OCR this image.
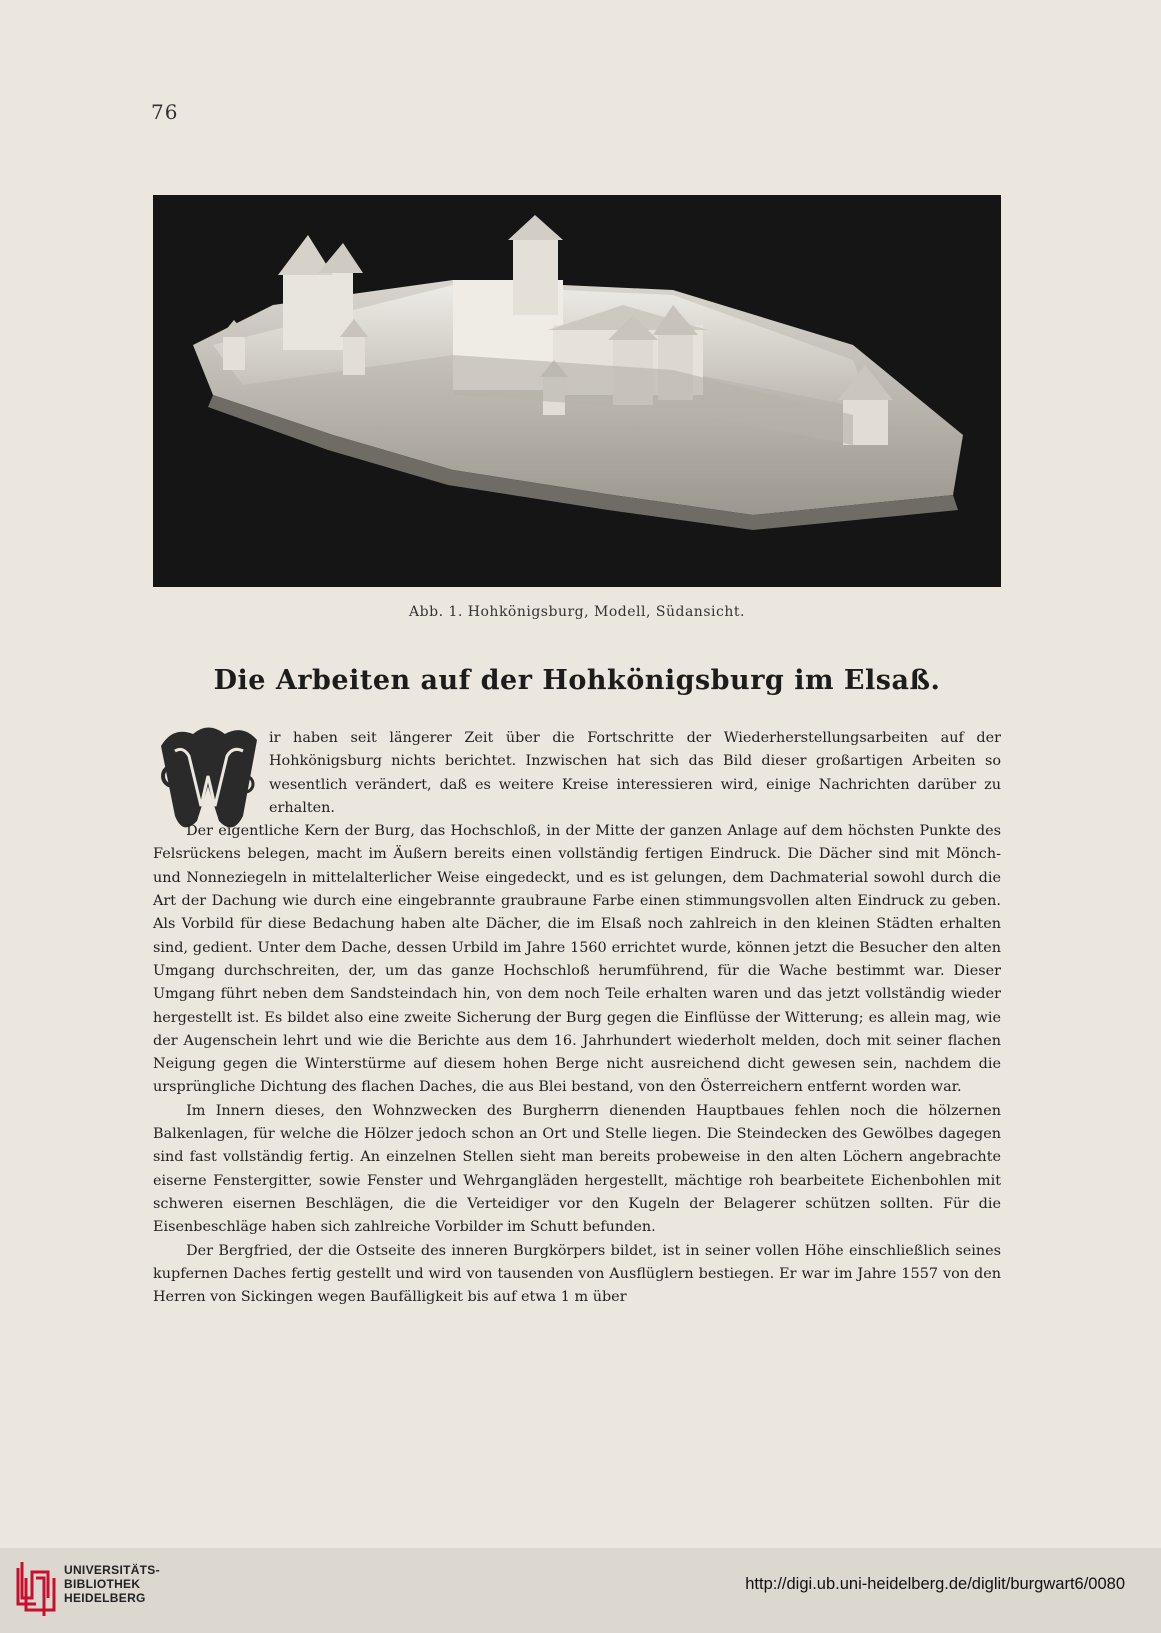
76
Abb. 1. Hohkönigsburg, Modell, Südansicht.
Die Arbeiten auf der Hohkönigsburg im Elsaß.

ir haben seit längerer Zeit über die Fortschritte der Wiederherstellungsarbeiten auf der Hohkönigsburg nichts berichtet. Inzwischen hat sich das Bild dieser großartigen Arbeiten so wesentlich verändert, daß es weitere Kreise interessieren wird, einige Nachrichten darüber zu erhalten.

Der eigentliche Kern der Burg, das Hochschloß, in der Mitte der ganzen Anlage auf dem höchsten Punkte des Felsrückens belegen, macht im Äußern bereits einen vollständig fertigen Eindruck. Die Dächer sind mit Mönch- und Nonneziegeln in mittelalterlicher Weise eingedeckt, und es ist gelungen, dem Dachmaterial sowohl durch die Art der Dachung wie durch eine eingebrannte graubraune Farbe einen stimmungsvollen alten Eindruck zu geben. Als Vorbild für diese Bedachung haben alte Dächer, die im Elsaß noch zahlreich in den kleinen Städten erhalten sind, gedient. Unter dem Dache, dessen Urbild im Jahre 1560 errichtet wurde, können jetzt die Besucher den alten Umgang durchschreiten, der, um das ganze Hochschloß herumführend, für die Wache bestimmt war. Dieser Umgang führt neben dem Sandsteindach hin, von dem noch Teile erhalten waren und das jetzt vollständig wieder hergestellt ist. Es bildet also eine zweite Sicherung der Burg gegen die Einflüsse der Witterung; es allein mag, wie der Augenschein lehrt und wie die Berichte aus dem 16. Jahrhundert wiederholt melden, doch mit seiner flachen Neigung gegen die Winterstürme auf diesem hohen Berge nicht ausreichend dicht gewesen sein, nachdem die ursprüngliche Dichtung des flachen Daches, die aus Blei bestand, von den Österreichern entfernt worden war.

Im Innern dieses, den Wohnzwecken des Burgherrn dienenden Hauptbaues fehlen noch die hölzernen Balkenlagen, für welche die Hölzer jedoch schon an Ort und Stelle liegen. Die Steindecken des Gewölbes dagegen sind fast vollständig fertig. An einzelnen Stellen sieht man bereits probeweise in den alten Löchern angebrachte eiserne Fenstergitter, sowie Fenster und Wehrgangläden hergestellt, mächtige roh bearbeitete Eichenbohlen mit schweren eisernen Beschlägen, die die Verteidiger vor den Kugeln der Belagerer schützen sollten. Für die Eisenbeschläge haben sich zahlreiche Vorbilder im Schutt befunden.

Der Bergfried, der die Ostseite des inneren Burgkörpers bildet, ist in seiner vollen Höhe einschließlich seines kupfernen Daches fertig gestellt und wird von tausenden von Ausflüglern bestiegen. Er war im Jahre 1557 von den Herren von Sickingen wegen Baufälligkeit bis auf etwa 1 m über

UNIVERSITÄTS-
BIBLIOTHEK
HEIDELBERG
http://digi.ub.uni-heidelberg.de/diglit/burgwart6/0080
